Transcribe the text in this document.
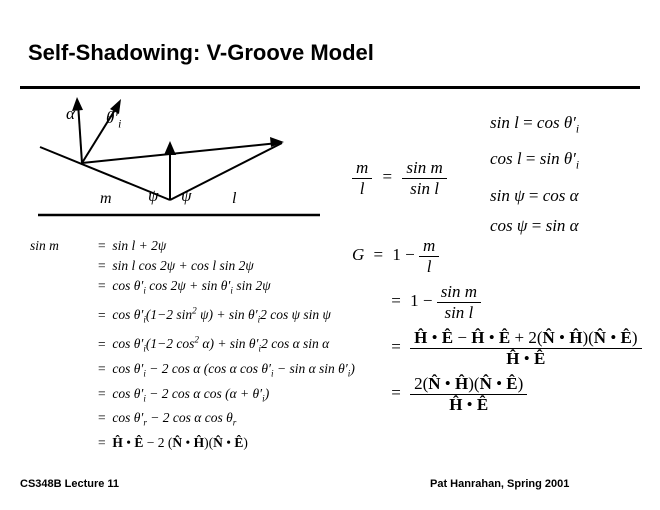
Self-Shadowing: V-Groove Model
α $\theta'_i$
m ψ ψ	l
$\sin l = \cos \theta'_i$
$\cos l = \sin \theta'_i$
sin ψ = cos α
cos ψ = sin α
$\frac{m}{l} = \frac{\text{sin m}}{\text{sin l}}$
sin m	=  sin l + 2ψ
=  sin l cos 2ψ + cos l sin 2ψ
=  $\cos \theta'_i$ $\cos 2\psi + \sin \theta'_i$ sin 2ψ
=  $\cos \theta'_i(1-2$ $\sin^2 \psi) + \sin \theta'_i2$ cos ψ sin ψ
=  $\cos \theta'_i(1-2$ $\cos^2 \alpha) + \sin \theta'_i2$ cos α sin α
=  $\cos \theta'_i - 2$ cos α (cos α $\cos \theta'_i - \sin \alpha$ $\sin \theta'_i$)
=  $\cos \theta'_i - 2$ cos α $\cos (\alpha + \theta'_i)$
=  $\cos \theta'_r - 2$ cos α $\cos \theta_r$
= Ĥ • Ê − 2 (N̂ • Ĥ)(N̂ • Ê)
$G = 1 - \frac{m}{l}$
= $1 - \frac{\text{sin m}}{\text{sin l}}$
= $\frac{Ĥ • Ê - Ĥ • Ê + 2(N̂ • Ĥ)(N̂ • Ê)}{Ĥ • Ê}$
= $\frac{2(N̂ • Ĥ)(N̂ • Ê)}{Ĥ • Ê}$
CS348B Lecture 11	Pat Hanrahan, Spring 2001
